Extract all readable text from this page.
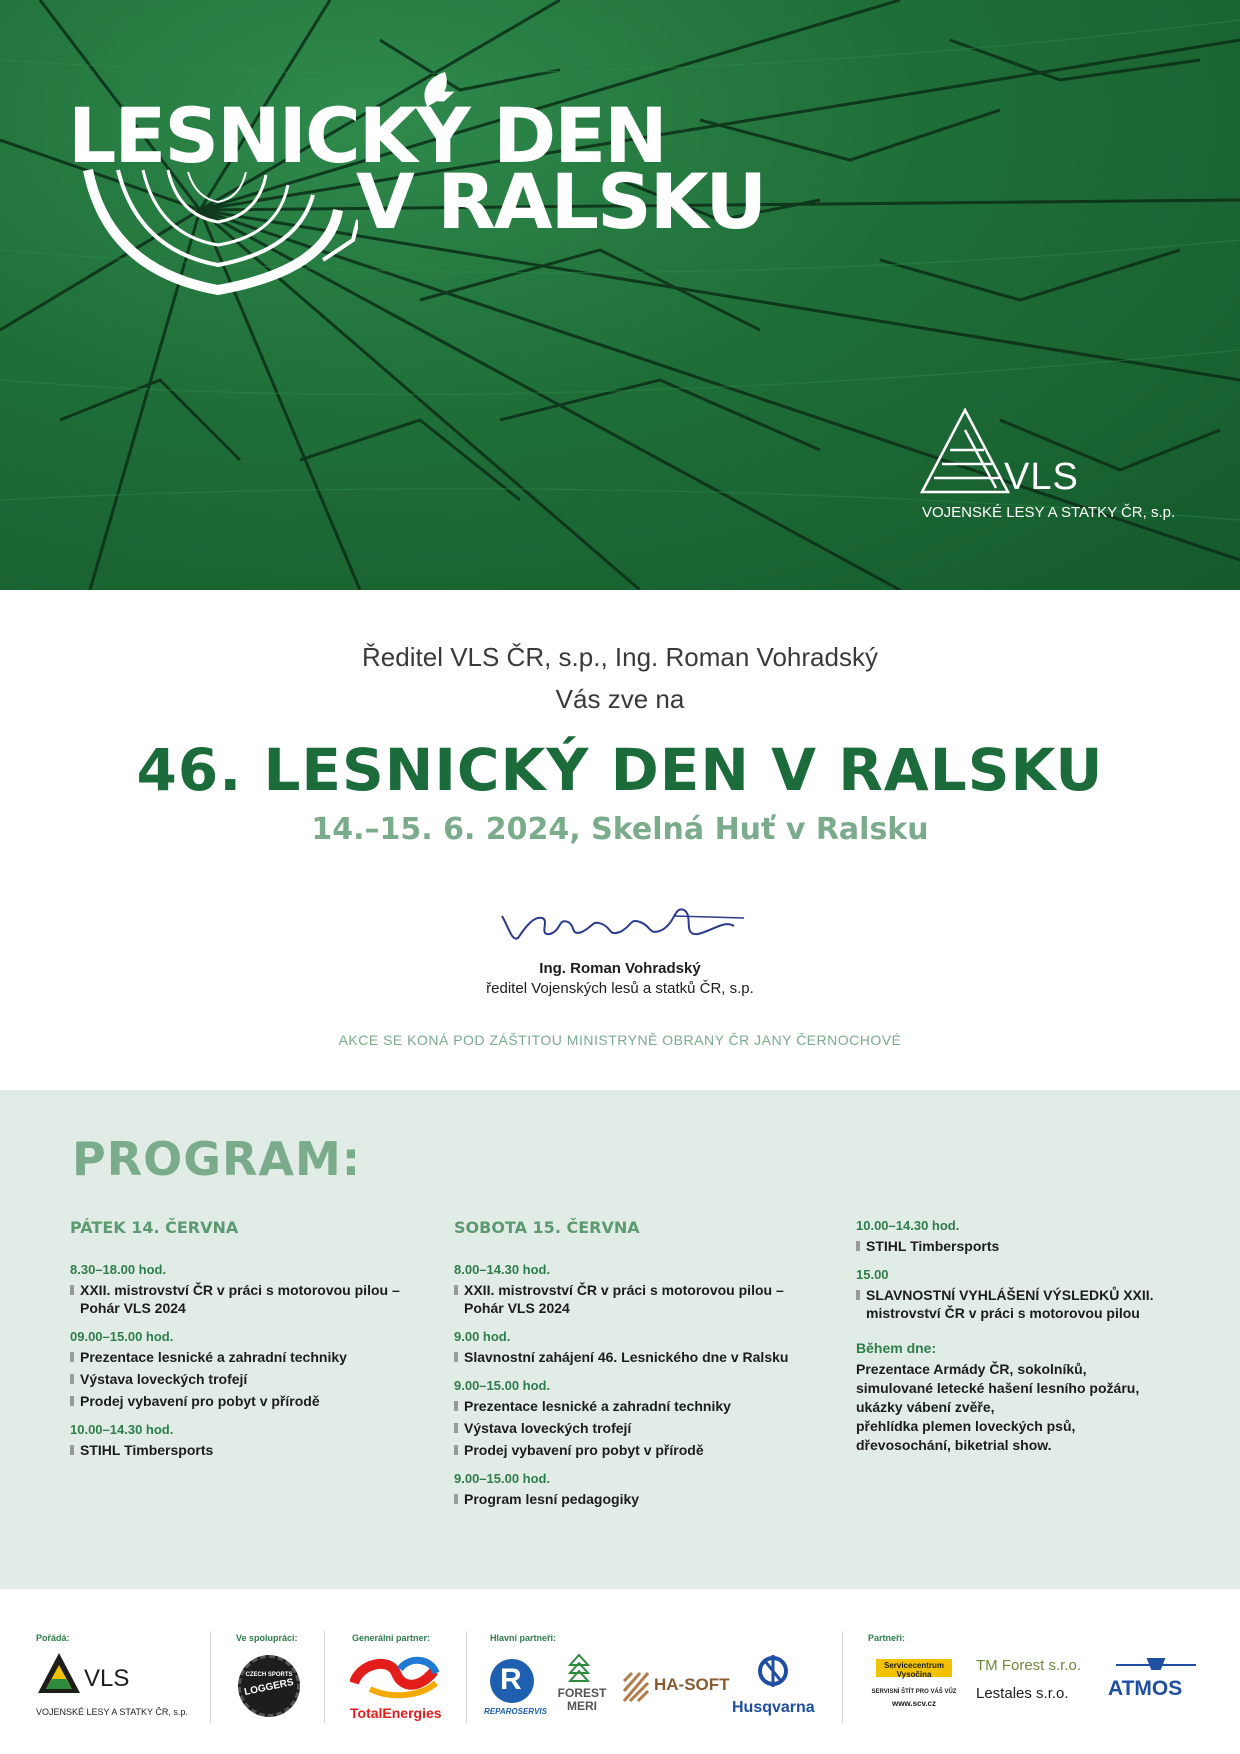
LESNICKÝ DEN
V RALSKU
VLS
VOJENSKÉ LESY A STATKY ČR, s.p.
Ředitel VLS ČR, s.p., Ing. Roman Vohradský
Vás zve na
46. LESNICKÝ DEN V RALSKU
14.–15. 6. 2024, Skelná Huť v Ralsku
Ing. Roman Vohradský
ředitel Vojenských lesů a statků ČR, s.p.
AKCE SE KONÁ POD ZÁŠTITOU MINISTRYNĚ OBRANY ČR JANY ČERNOCHOVÉ
PROGRAM:
PÁTEK 14. ČERVNA
8.30–18.00 hod.
XXII. mistrovství ČR v práci s motorovou pilou – Pohár VLS 2024
09.00–15.00 hod.
Prezentace lesnické a zahradní techniky
Výstava loveckých trofejí
Prodej vybavení pro pobyt v přírodě
10.00–14.30 hod.
STIHL Timbersports
SOBOTA 15. ČERVNA
8.00–14.30 hod.
XXII. mistrovství ČR v práci s motorovou pilou – Pohár VLS 2024
9.00 hod.
Slavnostní zahájení 46. Lesnického dne v Ralsku
9.00–15.00 hod.
Prezentace lesnické a zahradní techniky
Výstava loveckých trofejí
Prodej vybavení pro pobyt v přírodě
9.00–15.00 hod.
Program lesní pedagogiky
10.00–14.30 hod.
STIHL Timbersports
15.00
SLAVNOSTNÍ VYHLÁŠENÍ VÝSLEDKŮ XXII. mistrovství ČR v práci s motorovou pilou
Během dne:
Prezentace Armády ČR, sokolníků,
simulované letecké hašení lesního požáru,
ukázky vábení zvěře,
přehlídka plemen loveckých psů,
dřevosochání, biketrial show.
Pořádá:
VLS
VOJENSKÉ LESY A STATKY ČR, s.p.
Ve spolupráci:
CZECH SPORTS
LOGGERS
Generální partner:
TotalEnergies
Hlavní partneři:
R
REPAROSERVIS
FOREST MERI
HA-SOFT
Husqvarna
Partneři:
Servicecentrum Vysočina
SERVISNÍ ŠTÍT PRO VÁŠ VŮZ
www.scv.cz
TM Forest s.r.o.
Lestales s.r.o. ATMOS
